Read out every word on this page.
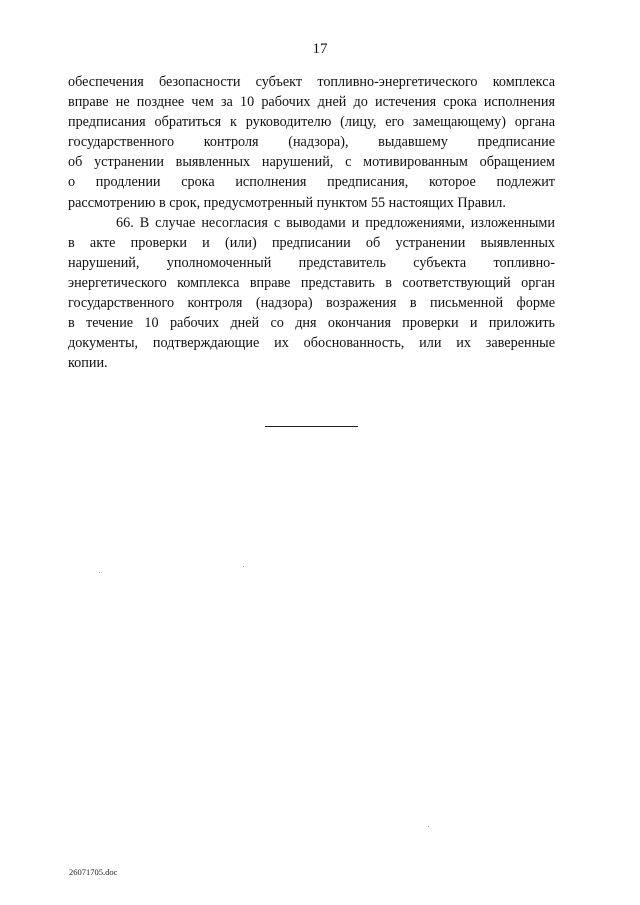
17
обеспечения безопасности субъект топливно-энергетического комплекса
вправе не позднее чем за 10 рабочих дней до истечения срока исполнения
предписания обратиться к руководителю (лицу, его замещающему) органа
государственного контроля (надзора), выдавшему предписание
об устранении выявленных нарушений, с мотивированным обращением
о продлении срока исполнения предписания, которое подлежит
рассмотрению в срок, предусмотренный пунктом 55 настоящих Правил.
66. В случае несогласия с выводами и предложениями, изложенными
в акте проверки и (или) предписании об устранении выявленных
нарушений, уполномоченный представитель субъекта топливно-
энергетического комплекса вправе представить в соответствующий орган
государственного контроля (надзора) возражения в письменной форме
в течение 10 рабочих дней со дня окончания проверки и приложить
документы, подтверждающие их обоснованность, или их заверенные
копии.
26071705.doc
